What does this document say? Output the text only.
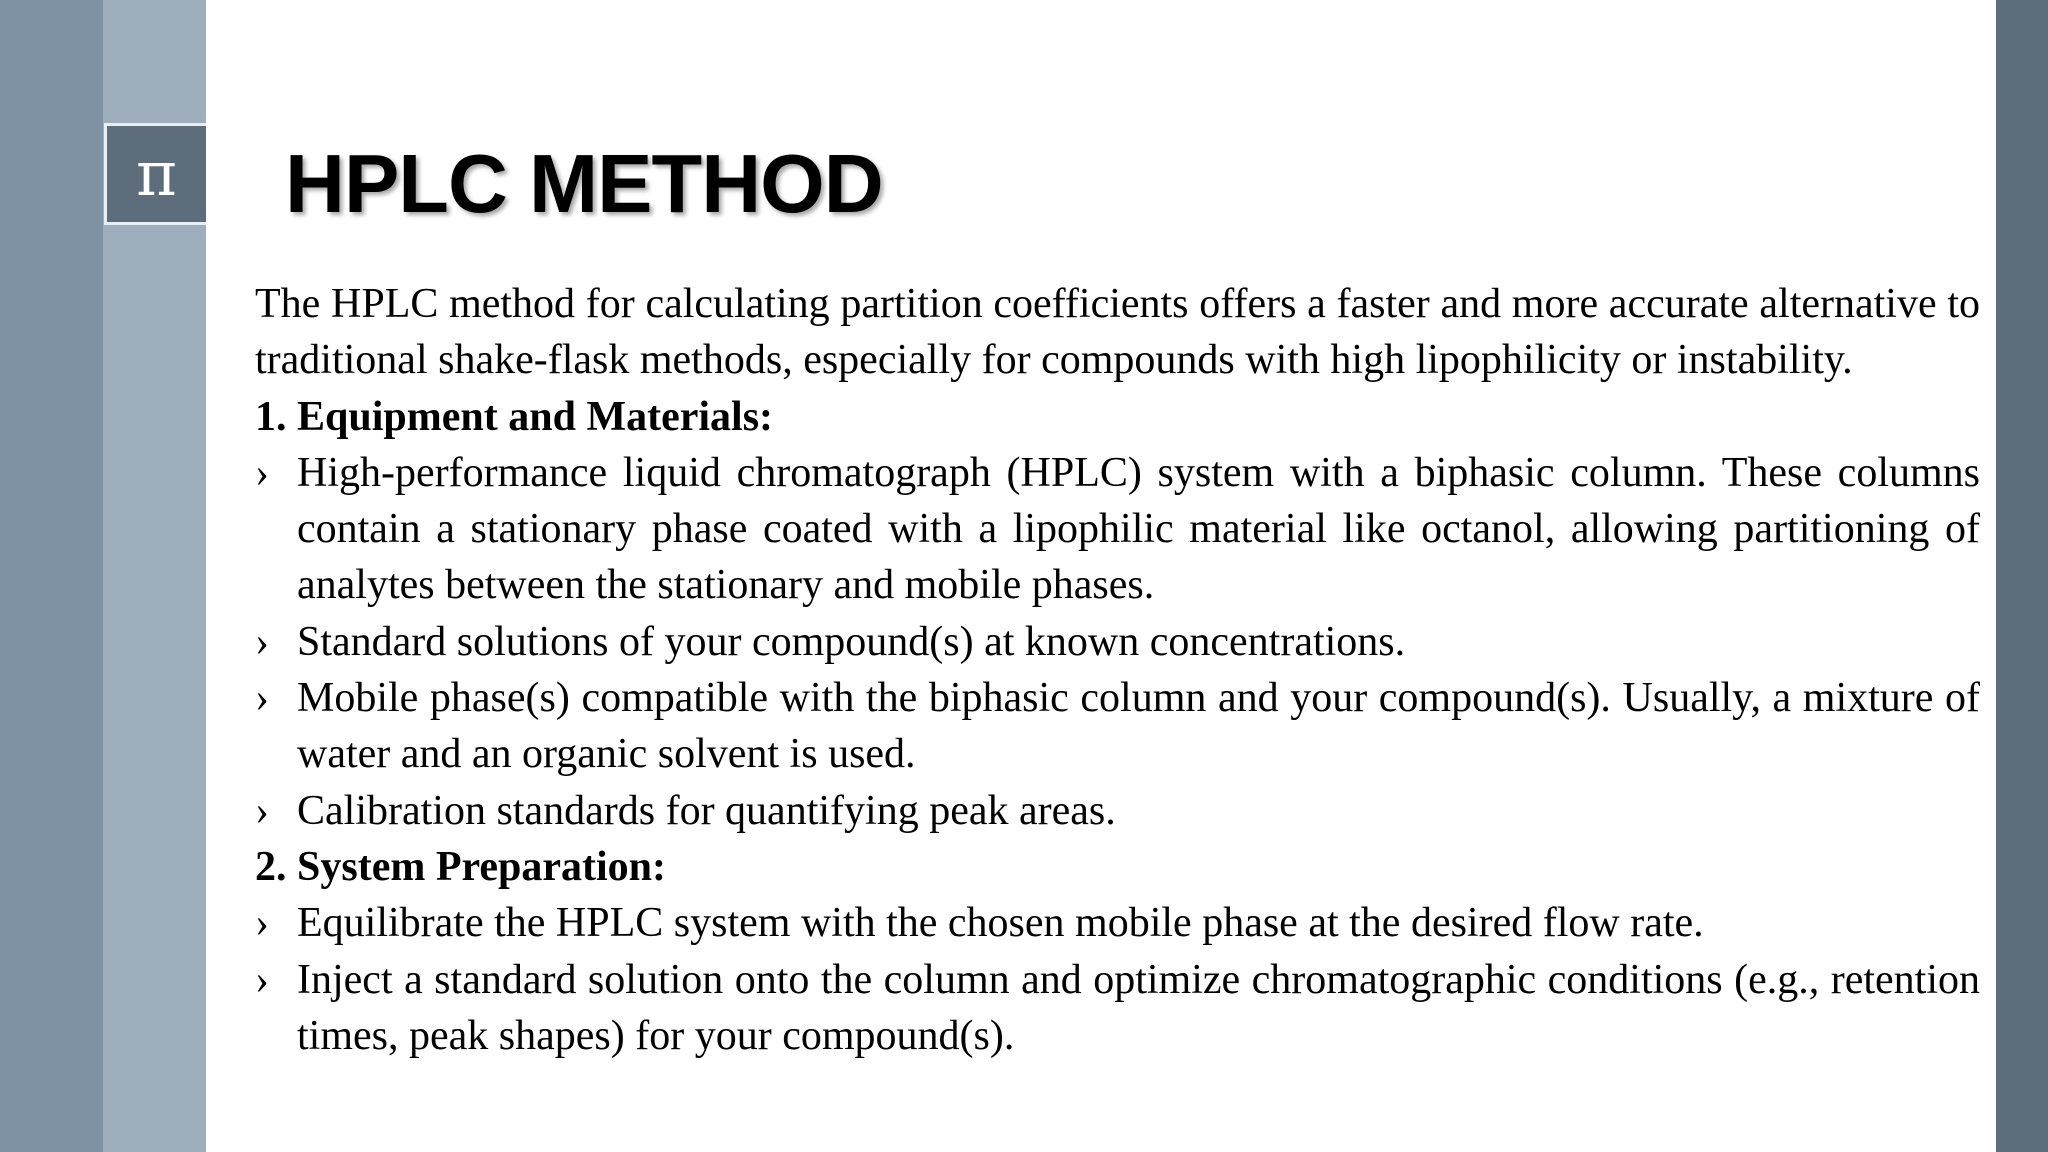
π	HPLC METHOD

The HPLC method for calculating partition coefficients offers a faster and more accurate alternative to traditional shake-flask methods, especially for compounds with high lipophilicity or instability.

1. Equipment and Materials:

› High-performance liquid chromatograph (HPLC) system with a biphasic column. These columns contain a stationary phase coated with a lipophilic material like octanol, allowing partitioning of analytes between the stationary and mobile phases.
› Standard solutions of your compound(s) at known concentrations.
› Mobile phase(s) compatible with the biphasic column and your compound(s). Usually, a mixture of water and an organic solvent is used.
› Calibration standards for quantifying peak areas.

2. System Preparation:

› Equilibrate the HPLC system with the chosen mobile phase at the desired flow rate.
› Inject a standard solution onto the column and optimize chromatographic conditions (e.g., retention times, peak shapes) for your compound(s).
